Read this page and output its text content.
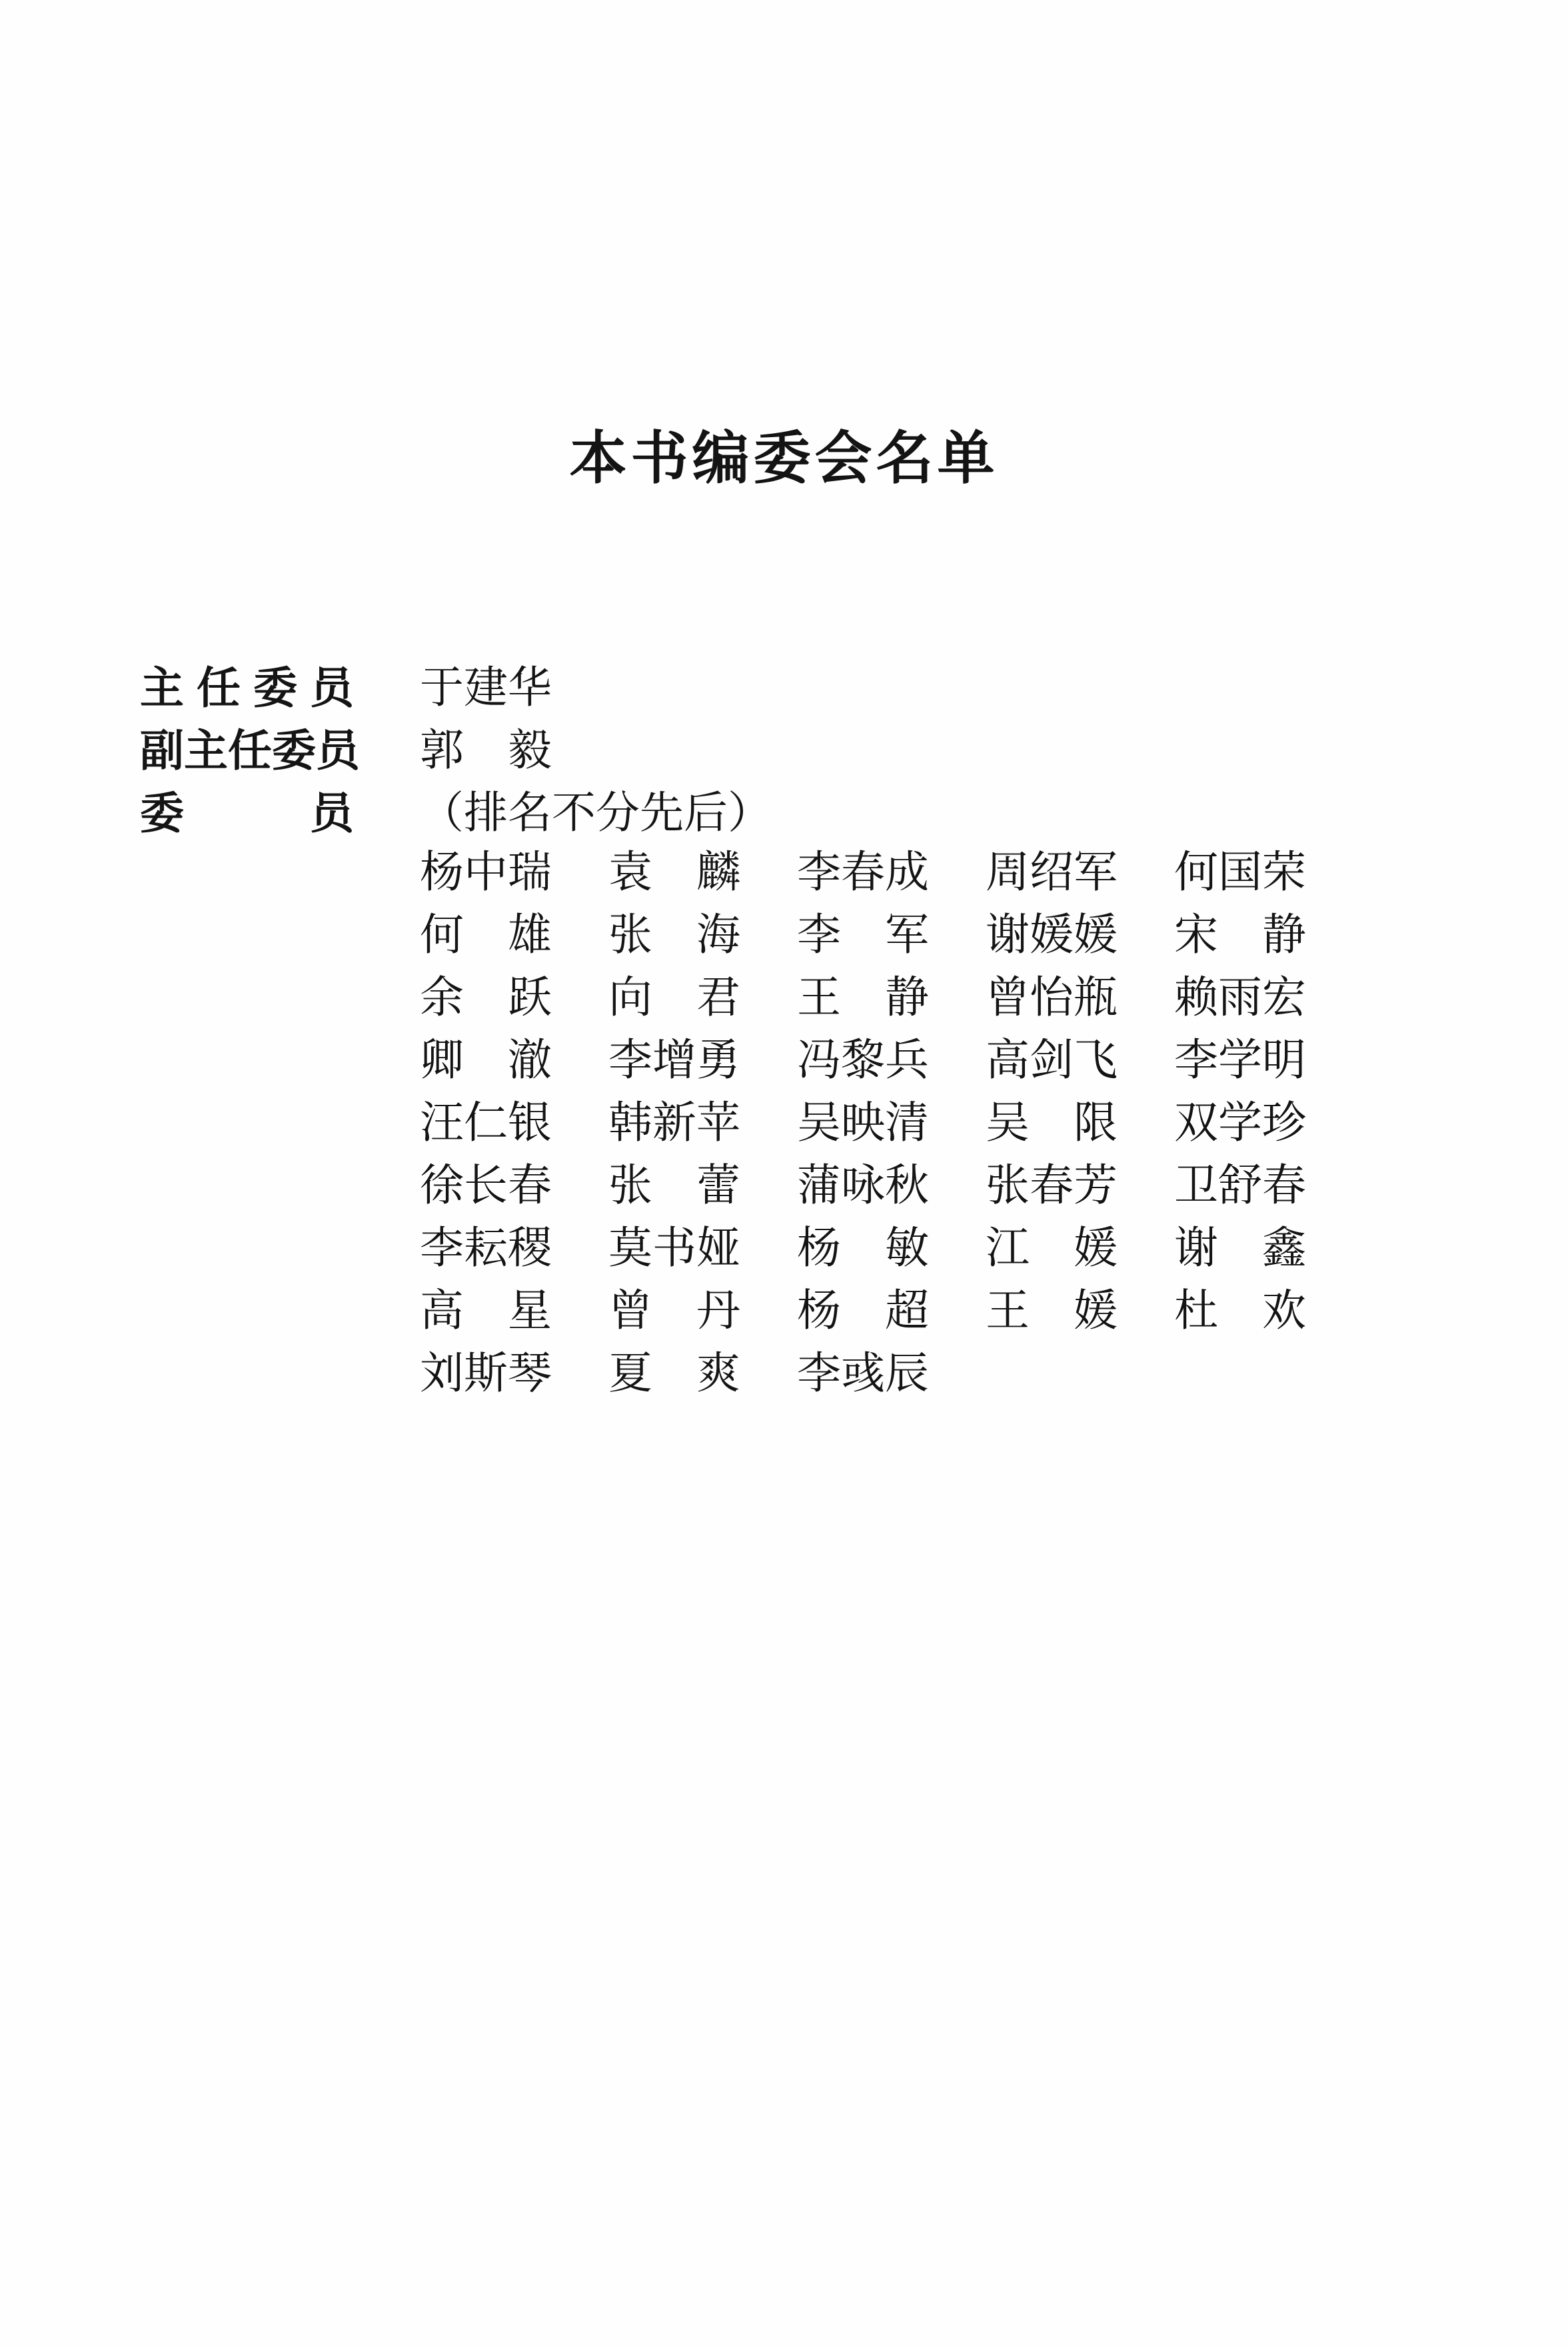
本书编委会名单
主任委员	于建华
副主任委员	郭　毅
委　　员	（排名不分先后）
杨中瑞 袁　麟 李春成 周绍军 何国荣
何　雄 张　海 李　军 谢媛媛 宋　静
余　跃 向　君 王　静 曾怡瓶 赖雨宏
卿　澈 李增勇 冯黎兵 高剑飞 李学明
汪仁银 韩新苹 吴映清 吴　限 双学珍
徐长春 张　蕾 蒲咏秋 张春芳 卫舒春
李耘稷 莫书娅 杨　敏 江　媛 谢　鑫
高　星 曾　丹 杨　超 王　媛 杜　欢
刘斯琴 夏　爽 李彧辰
